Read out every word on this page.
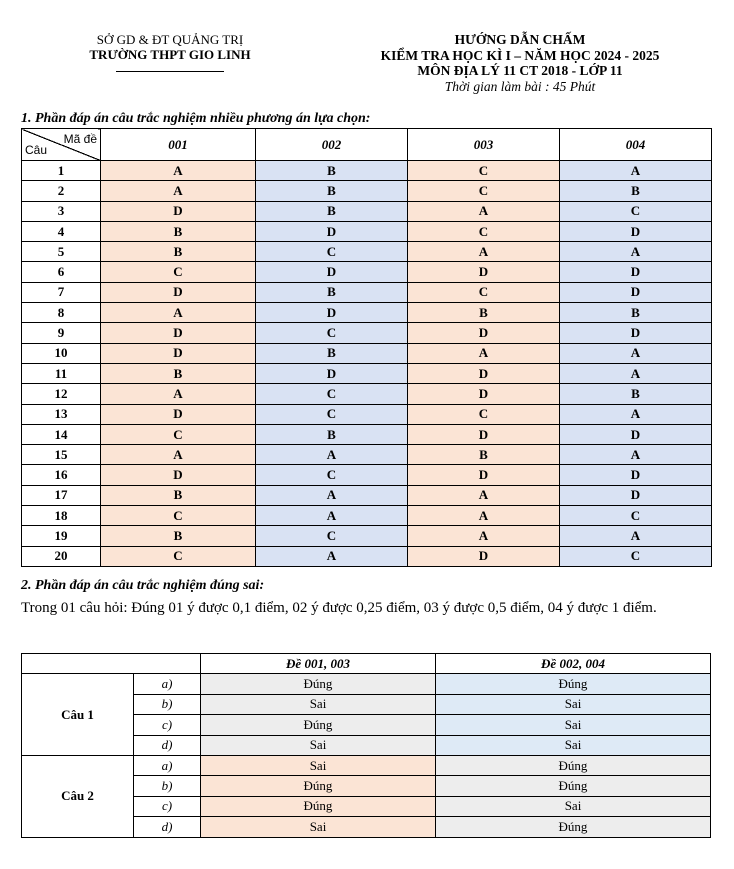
SỞ GD & ĐT QUẢNG TRỊ
TRƯỜNG THPT GIO LINH
HƯỚNG DẪN CHẤM
KIỂM TRA HỌC KÌ I – NĂM HỌC 2024 - 2025
MÔN ĐỊA LÝ 11 CT 2018 - LỚP 11
Thời gian làm bài : 45 Phút
1. Phần đáp án câu trắc nghiệm nhiều phương án lựa chọn:
Mã đề
Câu	001	002	003	004
1	A	B	C	A
2	A	B	C	B
3	D	B	A	C
4	B	D	C	D
5	B	C	A	A
6	C	D	D	D
7	D	B	C	D
8	A	D	B	B
9	D	C	D	D
10	D	B	A	A
11	B	D	D	A
12	A	C	D	B
13	D	C	C	A
14	C	B	D	D
15	A	A	B	A
16	D	C	D	D
17	B	A	A	D
18	C	A	A	C
19	B	C	A	A
20	C	A	D	C
2. Phần đáp án câu trắc nghiệm đúng sai:
Trong 01 câu hỏi: Đúng 01 ý được 0,1 điểm, 02 ý được 0,25 điểm, 03 ý được 0,5 điểm, 04 ý được 1 điểm.
		Đề 001, 003	Đề 002, 004
Câu 1	a)	Đúng	Đúng
	b)	Sai	Sai
	c)	Đúng	Sai
	d)	Sai	Sai
Câu 2	a)	Sai	Đúng
	b)	Đúng	Đúng
	c)	Đúng	Sai
	d)	Sai	Đúng
